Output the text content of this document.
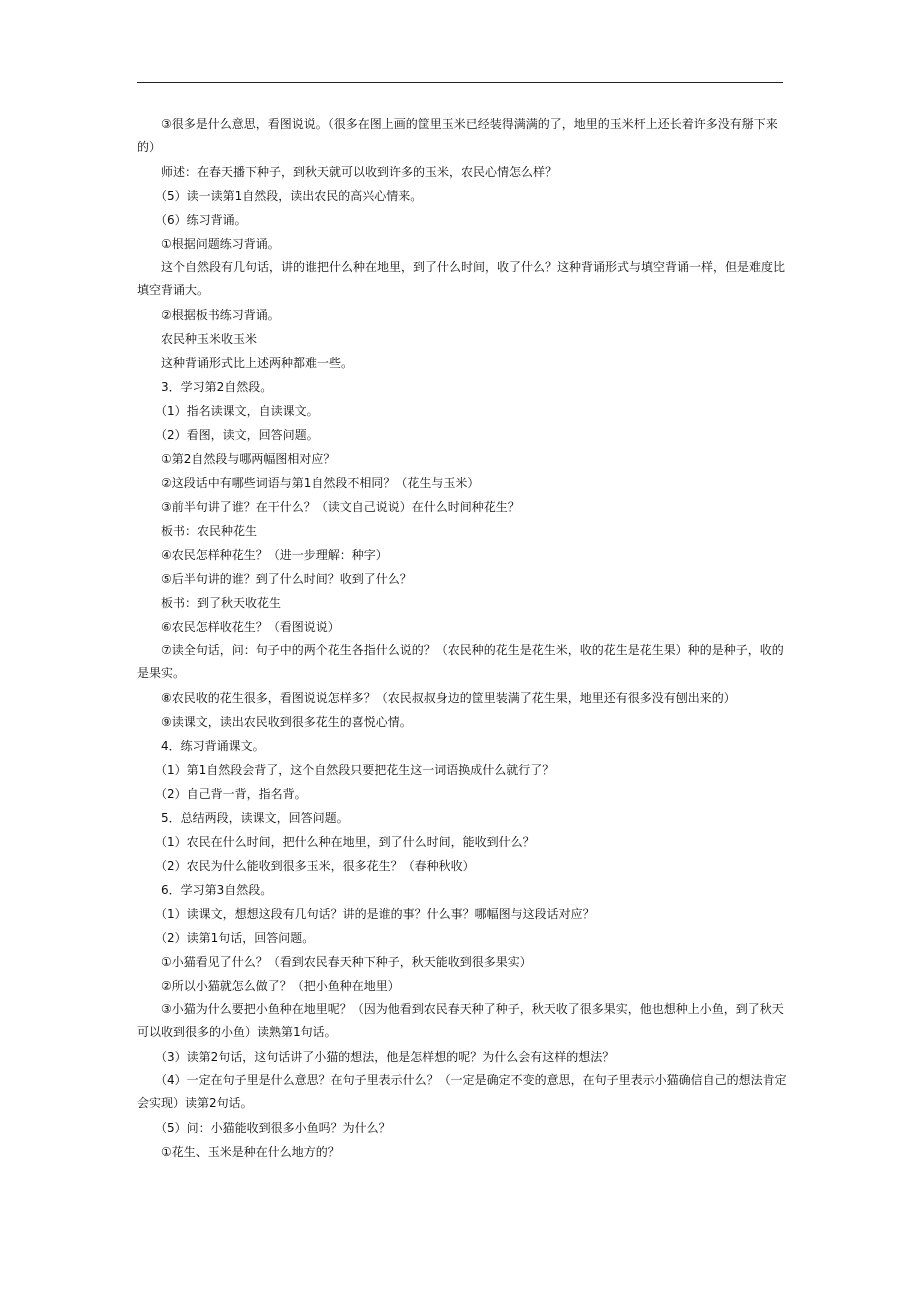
　　③很多是什么意思，看图说说。（很多在图上画的筐里玉米已经装得满满的了，地里的玉米杆上还长着许多没有掰下来的）

　　师述：在春天播下种子，到秋天就可以收到许多的玉米，农民心情怎么样？

　　（5）读一读第1自然段，读出农民的高兴心情来。

　　（6）练习背诵。

　　①根据问题练习背诵。

　　这个自然段有几句话，讲的谁把什么种在地里，到了什么时间，收了什么？这种背诵形式与填空背诵一样，但是难度比填空背诵大。

　　②根据板书练习背诵。

　　农民种玉米收玉米

　　这种背诵形式比上述两种都难一些。

　　3．学习第2自然段。

　　（1）指名读课文，自读课文。

　　（2）看图，读文，回答问题。

　　①第2自然段与哪两幅图相对应？

　　②这段话中有哪些词语与第1自然段不相同？（花生与玉米）

　　③前半句讲了谁？在干什么？（读文自己说说）在什么时间种花生？

　　板书：农民种花生

　　④农民怎样种花生？（进一步理解：种字）

　　⑤后半句讲的谁？到了什么时间？收到了什么？

　　板书：到了秋天收花生

　　⑥农民怎样收花生？（看图说说）

　　⑦读全句话，问：句子中的两个花生各指什么说的？（农民种的花生是花生米，收的花生是花生果）种的是种子，收的是果实。

　　⑧农民收的花生很多，看图说说怎样多？（农民叔叔身边的筐里装满了花生果，地里还有很多没有刨出来的）

　　⑨读课文，读出农民收到很多花生的喜悦心情。

　　4．练习背诵课文。

　　（1）第1自然段会背了，这个自然段只要把花生这一词语换成什么就行了？

　　（2）自己背一背，指名背。

　　5．总结两段，读课文，回答问题。

　　（1）农民在什么时间，把什么种在地里，到了什么时间，能收到什么？

　　（2）农民为什么能收到很多玉米，很多花生？（春种秋收）

　　6．学习第3自然段。

　　（1）读课文，想想这段有几句话？讲的是谁的事？什么事？哪幅图与这段话对应？

　　（2）读第1句话，回答问题。

　　①小猫看见了什么？（看到农民春天种下种子，秋天能收到很多果实）

　　②所以小猫就怎么做了？（把小鱼种在地里）

　　③小猫为什么要把小鱼种在地里呢？（因为他看到农民春天种了种子，秋天收了很多果实，他也想种上小鱼，到了秋天可以收到很多的小鱼）读熟第1句话。

　　（3）读第2句话，这句话讲了小猫的想法，他是怎样想的呢？为什么会有这样的想法？

　　（4）一定在句子里是什么意思？在句子里表示什么？（一定是确定不变的意思，在句子里表示小猫确信自己的想法肯定会实现）读第2句话。

　　（5）问：小猫能收到很多小鱼吗？为什么？

　　①花生、玉米是种在什么地方的？
